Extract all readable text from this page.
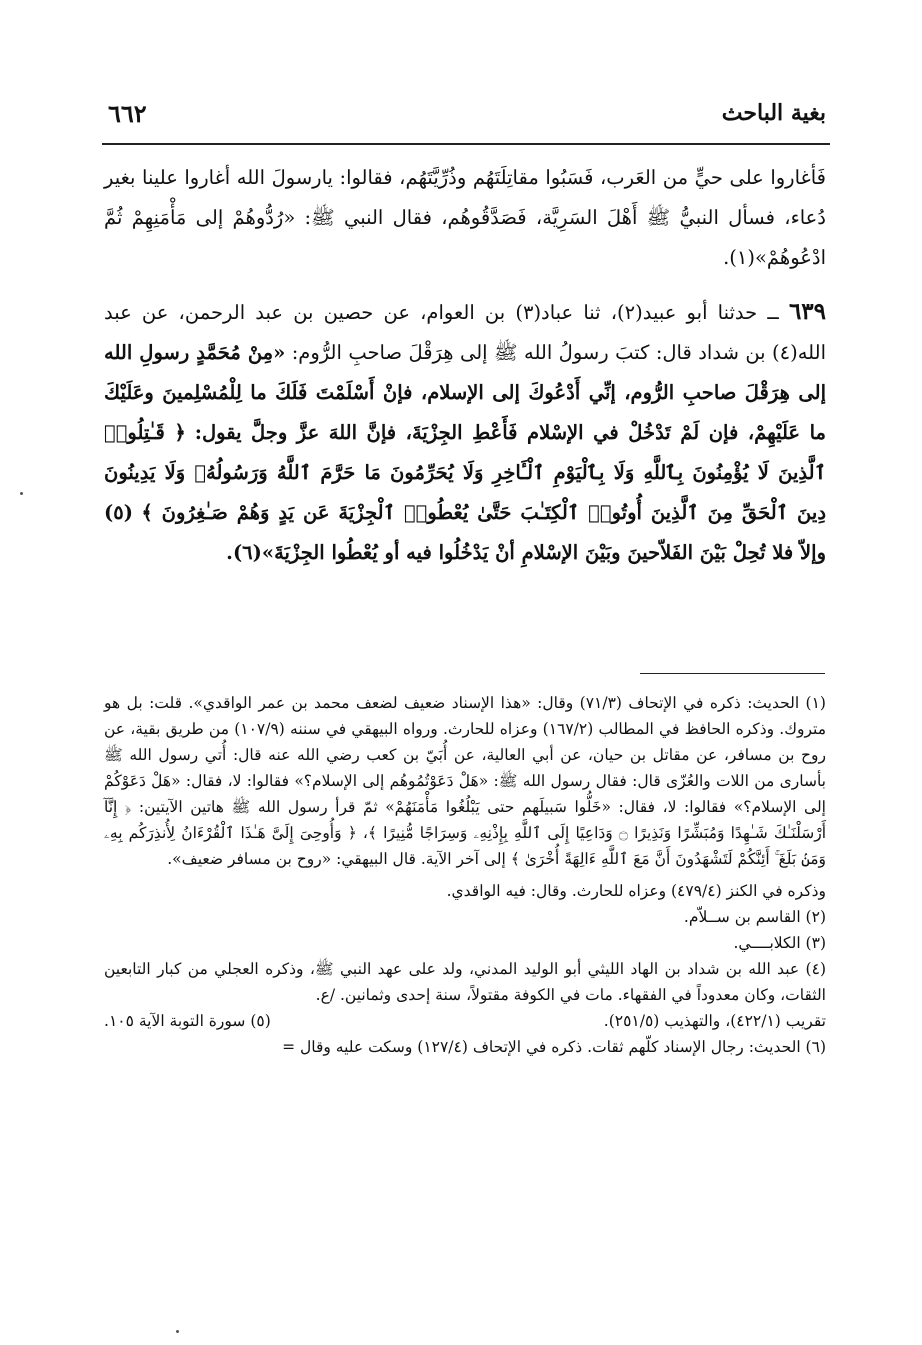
بغية الباحث
٦٦٢

فَأغاروا على حيٍّ من العَرب، فَسَبُوا مقاتِلَتَهُم وذُرِّيَّتَهُم، فقالوا: يارسولَ الله أغاروا علينا بغير دُعاء، فسأل النبيُّ ﷺ أَهْلَ السَرِيَّة، فَصَدَّقُوهُم، فقال النبي ﷺ: «رُدُّوهُمْ إلى مَأْمَنِهِمْ ثُمَّ ادْعُوهُمْ»(١).

٦٣٩ ــ حدثنا أبو عبيد(٢)، ثنا عباد(٣) بن العوام، عن حصين بن عبد الرحمن، عن عبد الله(٤) بن شداد قال: كتبَ رسولُ الله ﷺ إلى هِرَقْلَ صاحبِ الرُّوم: «مِنْ مُحَمَّدٍ رسولِ الله إلى هِرَقْلَ صاحبِ الرُّوم، إنِّي أَدْعُوكَ إلى الإسلام، فإنْ أَسْلَمْتَ فَلَكَ ما لِلْمُسْلِمينَ وعَلَيْكَ ما عَلَيْهِمْ، فإن لَمْ تَدْخُلْ في الإسْلام فَأَعْطِ الجِزْيَةَ، فإنَّ اللهَ عزَّ وجلَّ يقول: ﴿ قَـٰتِلُوا۟ ٱلَّذِينَ لَا يُؤْمِنُونَ بِٱللَّهِ وَلَا بِٱلْيَوْمِ ٱلْـَٔاخِرِ وَلَا يُحَرِّمُونَ مَا حَرَّمَ ٱللَّهُ وَرَسُولُهُۥ وَلَا يَدِينُونَ دِينَ ٱلْحَقِّ مِنَ ٱلَّذِينَ أُوتُوا۟ ٱلْكِتَـٰبَ حَتَّىٰ يُعْطُوا۟ ٱلْجِزْيَةَ عَن يَدٍ وَهُمْ صَـٰغِرُونَ ﴾ (٥) وإلاّ فلا تُحِلْ بَيْنَ الفَلاّحينَ وبَيْنَ الإسْلامِ أنْ يَدْخُلُوا فيه أو يُعْطُوا الجِزْيَةَ»(٦).

(١) الحديث: ذكره في الإتحاف (٧١/٣) وقال: «هذا الإسناد ضعيف لضعف محمد بن عمر الواقدي». قلت: بل هو متروك. وذكره الحافظ في المطالب (١٦٧/٢) وعزاه للحارث. ورواه البيهقي في سننه (١٠٧/٩) من طريق بقية، عن روح بن مسافر، عن مقاتل بن حيان، عن أبي العالية، عن أُبَيّ بن كعب رضي الله عنه قال: أُتي رسول الله ﷺ بأسارى من اللات والعُزّى قال: فقال رسول الله ﷺ: «هَلْ دَعَوْتُمُوهُم إلى الإسلام؟» فقالوا: لا، فقال: «هَلْ دَعَوْكُمْ إلى الإسلام؟» فقالوا: لا، فقال: «خَلُّوا سَبيلَهم حتى يَبْلُغُوا مَأْمَنَهُمْ» ثمّ قرأ رسول الله ﷺ هاتين الآيتين: ﴿ إِنَّآ أَرْسَلْنَـٰكَ شَـٰهِدًا وَمُبَشِّرًا وَنَذِيرًا ۝ وَدَاعِيًا إِلَى ٱللَّهِ بِإِذْنِهِۦ وَسِرَاجًا مُّنِيرًا ﴾، ﴿ وَأُوحِىَ إِلَىَّ هَـٰذَا ٱلْقُرْءَانُ لِأُنذِرَكُم بِهِۦ وَمَنۢ بَلَغَ ۚ أَئِنَّكُمْ لَتَشْهَدُونَ أَنَّ مَعَ ٱللَّهِ ءَالِهَةً أُخْرَىٰ ﴾ إلى آخر الآية. قال البيهقي: «روح بن مسافر ضعيف».

وذكره في الكنز (٤٧٩/٤) وعزاه للحارث. وقال: فيه الواقدي.

(٢) القاسم بن ســلاّم.

(٣) الكلابــــي.

(٤) عبد الله بن شداد بن الهاد الليثي أبو الوليد المدني، ولد على عهد النبي ﷺ، وذكره العجلي من كبار التابعين الثقات، وكان معدوداً في الفقهاء. مات في الكوفة مقتولاً، سنة إحدى وثمانين. /ع.

تقريب (٤٢٢/١)، والتهذيب (٢٥١/٥).
(٥) سورة التوبة الآية ١٠٥.

(٦) الحديث: رجال الإسناد كلّهم ثقات. ذكره في الإتحاف (١٢٧/٤) وسكت عليه وقال =
